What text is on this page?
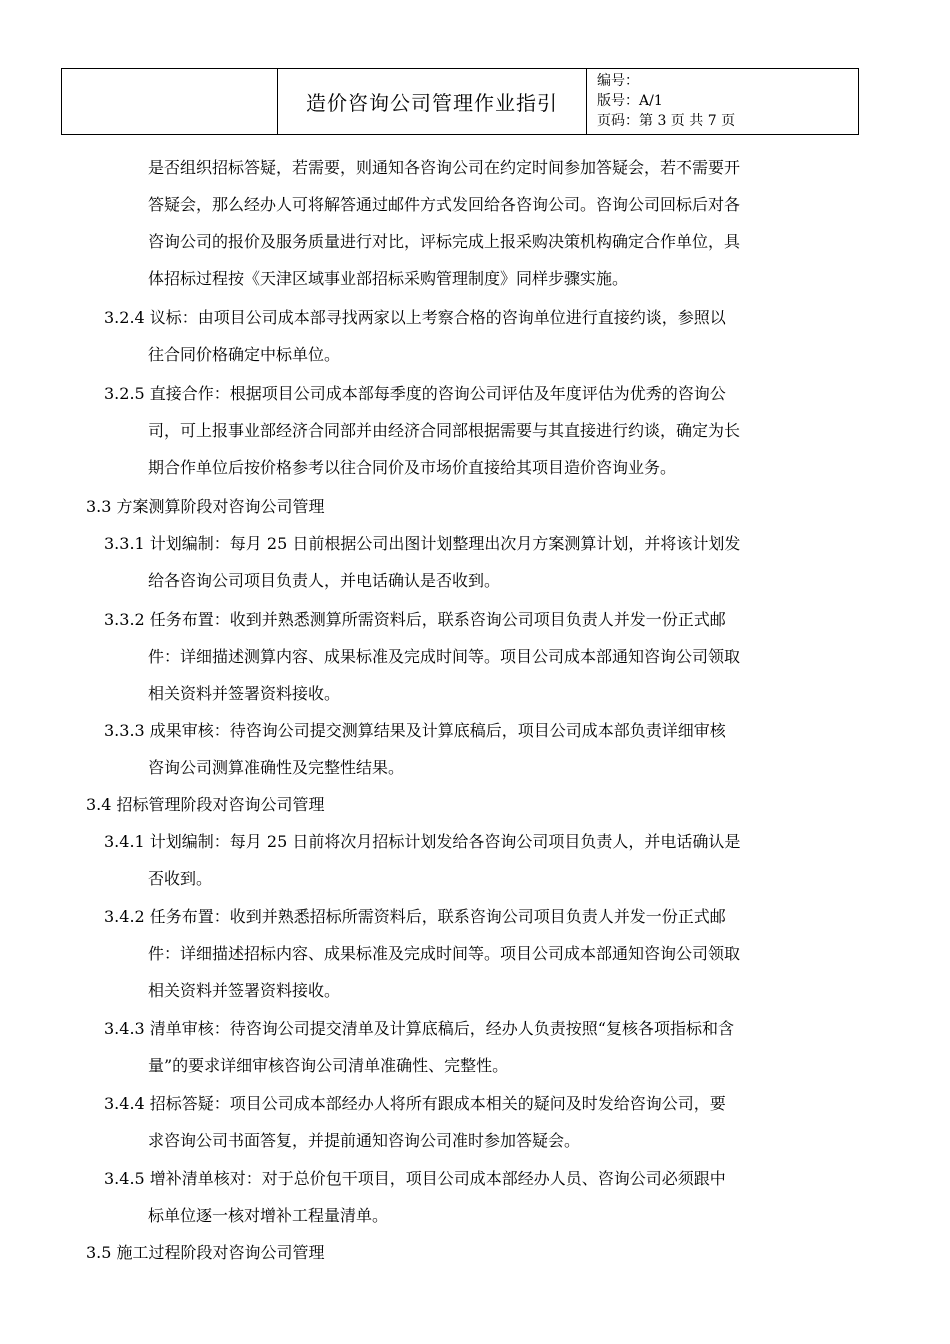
造价咨询公司管理作业指引
编号：
版号：A/1
页码：第 3 页 共 7 页
是否组织招标答疑，若需要，则通知各咨询公司在约定时间参加答疑会，若不需要开
答疑会，那么经办人可将解答通过邮件方式发回给各咨询公司。咨询公司回标后对各
咨询公司的报价及服务质量进行对比，评标完成上报采购决策机构确定合作单位，具
体招标过程按《天津区域事业部招标采购管理制度》同样步骤实施。
3.2.4 议标：由项目公司成本部寻找两家以上考察合格的咨询单位进行直接约谈，参照以
往合同价格确定中标单位。
3.2.5 直接合作：根据项目公司成本部每季度的咨询公司评估及年度评估为优秀的咨询公
司，可上报事业部经济合同部并由经济合同部根据需要与其直接进行约谈，确定为长
期合作单位后按价格参考以往合同价及市场价直接给其项目造价咨询业务。
3.3 方案测算阶段对咨询公司管理
3.3.1 计划编制：每月 25 日前根据公司出图计划整理出次月方案测算计划，并将该计划发
给各咨询公司项目负责人，并电话确认是否收到。
3.3.2 任务布置：收到并熟悉测算所需资料后，联系咨询公司项目负责人并发一份正式邮
件：详细描述测算内容、成果标准及完成时间等。项目公司成本部通知咨询公司领取
相关资料并签署资料接收。
3.3.3 成果审核：待咨询公司提交测算结果及计算底稿后，项目公司成本部负责详细审核
咨询公司测算准确性及完整性结果。
3.4 招标管理阶段对咨询公司管理
3.4.1 计划编制：每月 25 日前将次月招标计划发给各咨询公司项目负责人，并电话确认是
否收到。
3.4.2 任务布置：收到并熟悉招标所需资料后，联系咨询公司项目负责人并发一份正式邮
件：详细描述招标内容、成果标准及完成时间等。项目公司成本部通知咨询公司领取
相关资料并签署资料接收。
3.4.3 清单审核：待咨询公司提交清单及计算底稿后，经办人负责按照“复核各项指标和含
量”的要求详细审核咨询公司清单准确性、完整性。
3.4.4 招标答疑：项目公司成本部经办人将所有跟成本相关的疑问及时发给咨询公司，要
求咨询公司书面答复，并提前通知咨询公司准时参加答疑会。
3.4.5 增补清单核对：对于总价包干项目，项目公司成本部经办人员、咨询公司必须跟中
标单位逐一核对增补工程量清单。
3.5 施工过程阶段对咨询公司管理
